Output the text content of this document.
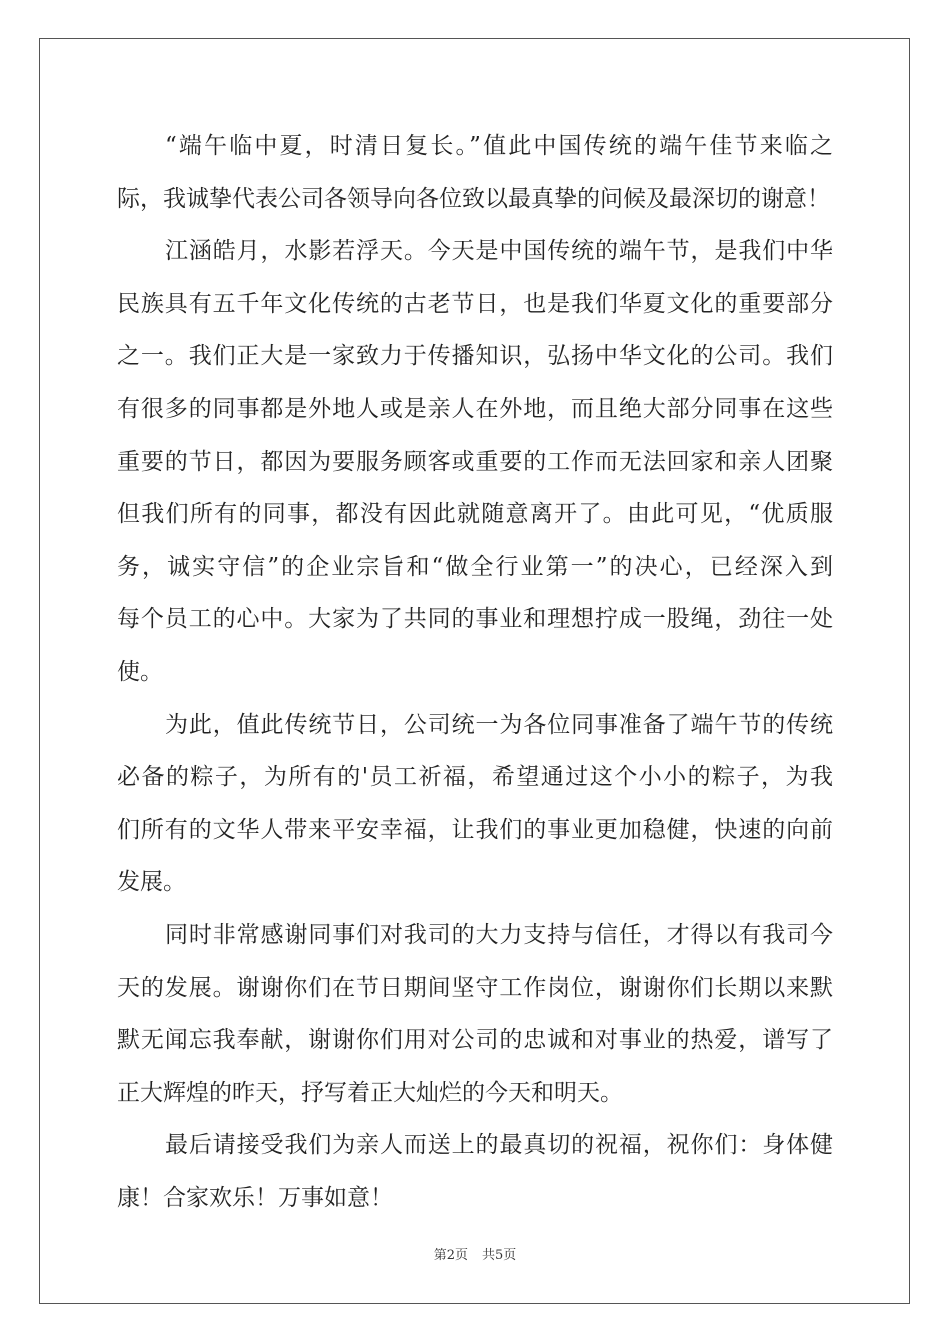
“端午临中夏，时清日复长。”值此中国传统的端午佳节来临之
际，我诚挚代表公司各领导向各位致以最真挚的问候及最深切的谢意！
江涵皓月，水影若浮天。今天是中国传统的端午节，是我们中华
民族具有五千年文化传统的古老节日，也是我们华夏文化的重要部分
之一。我们正大是一家致力于传播知识，弘扬中华文化的公司。我们
有很多的同事都是外地人或是亲人在外地，而且绝大部分同事在这些
重要的节日，都因为要服务顾客或重要的工作而无法回家和亲人团聚
但我们所有的同事，都没有因此就随意离开了。由此可见，“优质服
务，诚实守信”的企业宗旨和“做全行业第一”的决心，已经深入到
每个员工的心中。大家为了共同的事业和理想拧成一股绳，劲往一处
使。
为此，值此传统节日，公司统一为各位同事准备了端午节的传统
必备的粽子，为所有的'员工祈福，希望通过这个小小的粽子，为我
们所有的文华人带来平安幸福，让我们的事业更加稳健，快速的向前
发展。
同时非常感谢同事们对我司的大力支持与信任，才得以有我司今
天的发展。谢谢你们在节日期间坚守工作岗位，谢谢你们长期以来默
默无闻忘我奉献，谢谢你们用对公司的忠诚和对事业的热爱，谱写了
正大辉煌的昨天，抒写着正大灿烂的今天和明天。
最后请接受我们为亲人而送上的最真切的祝福，祝你们：身体健
康！合家欢乐！万事如意！
第2页 共5页
